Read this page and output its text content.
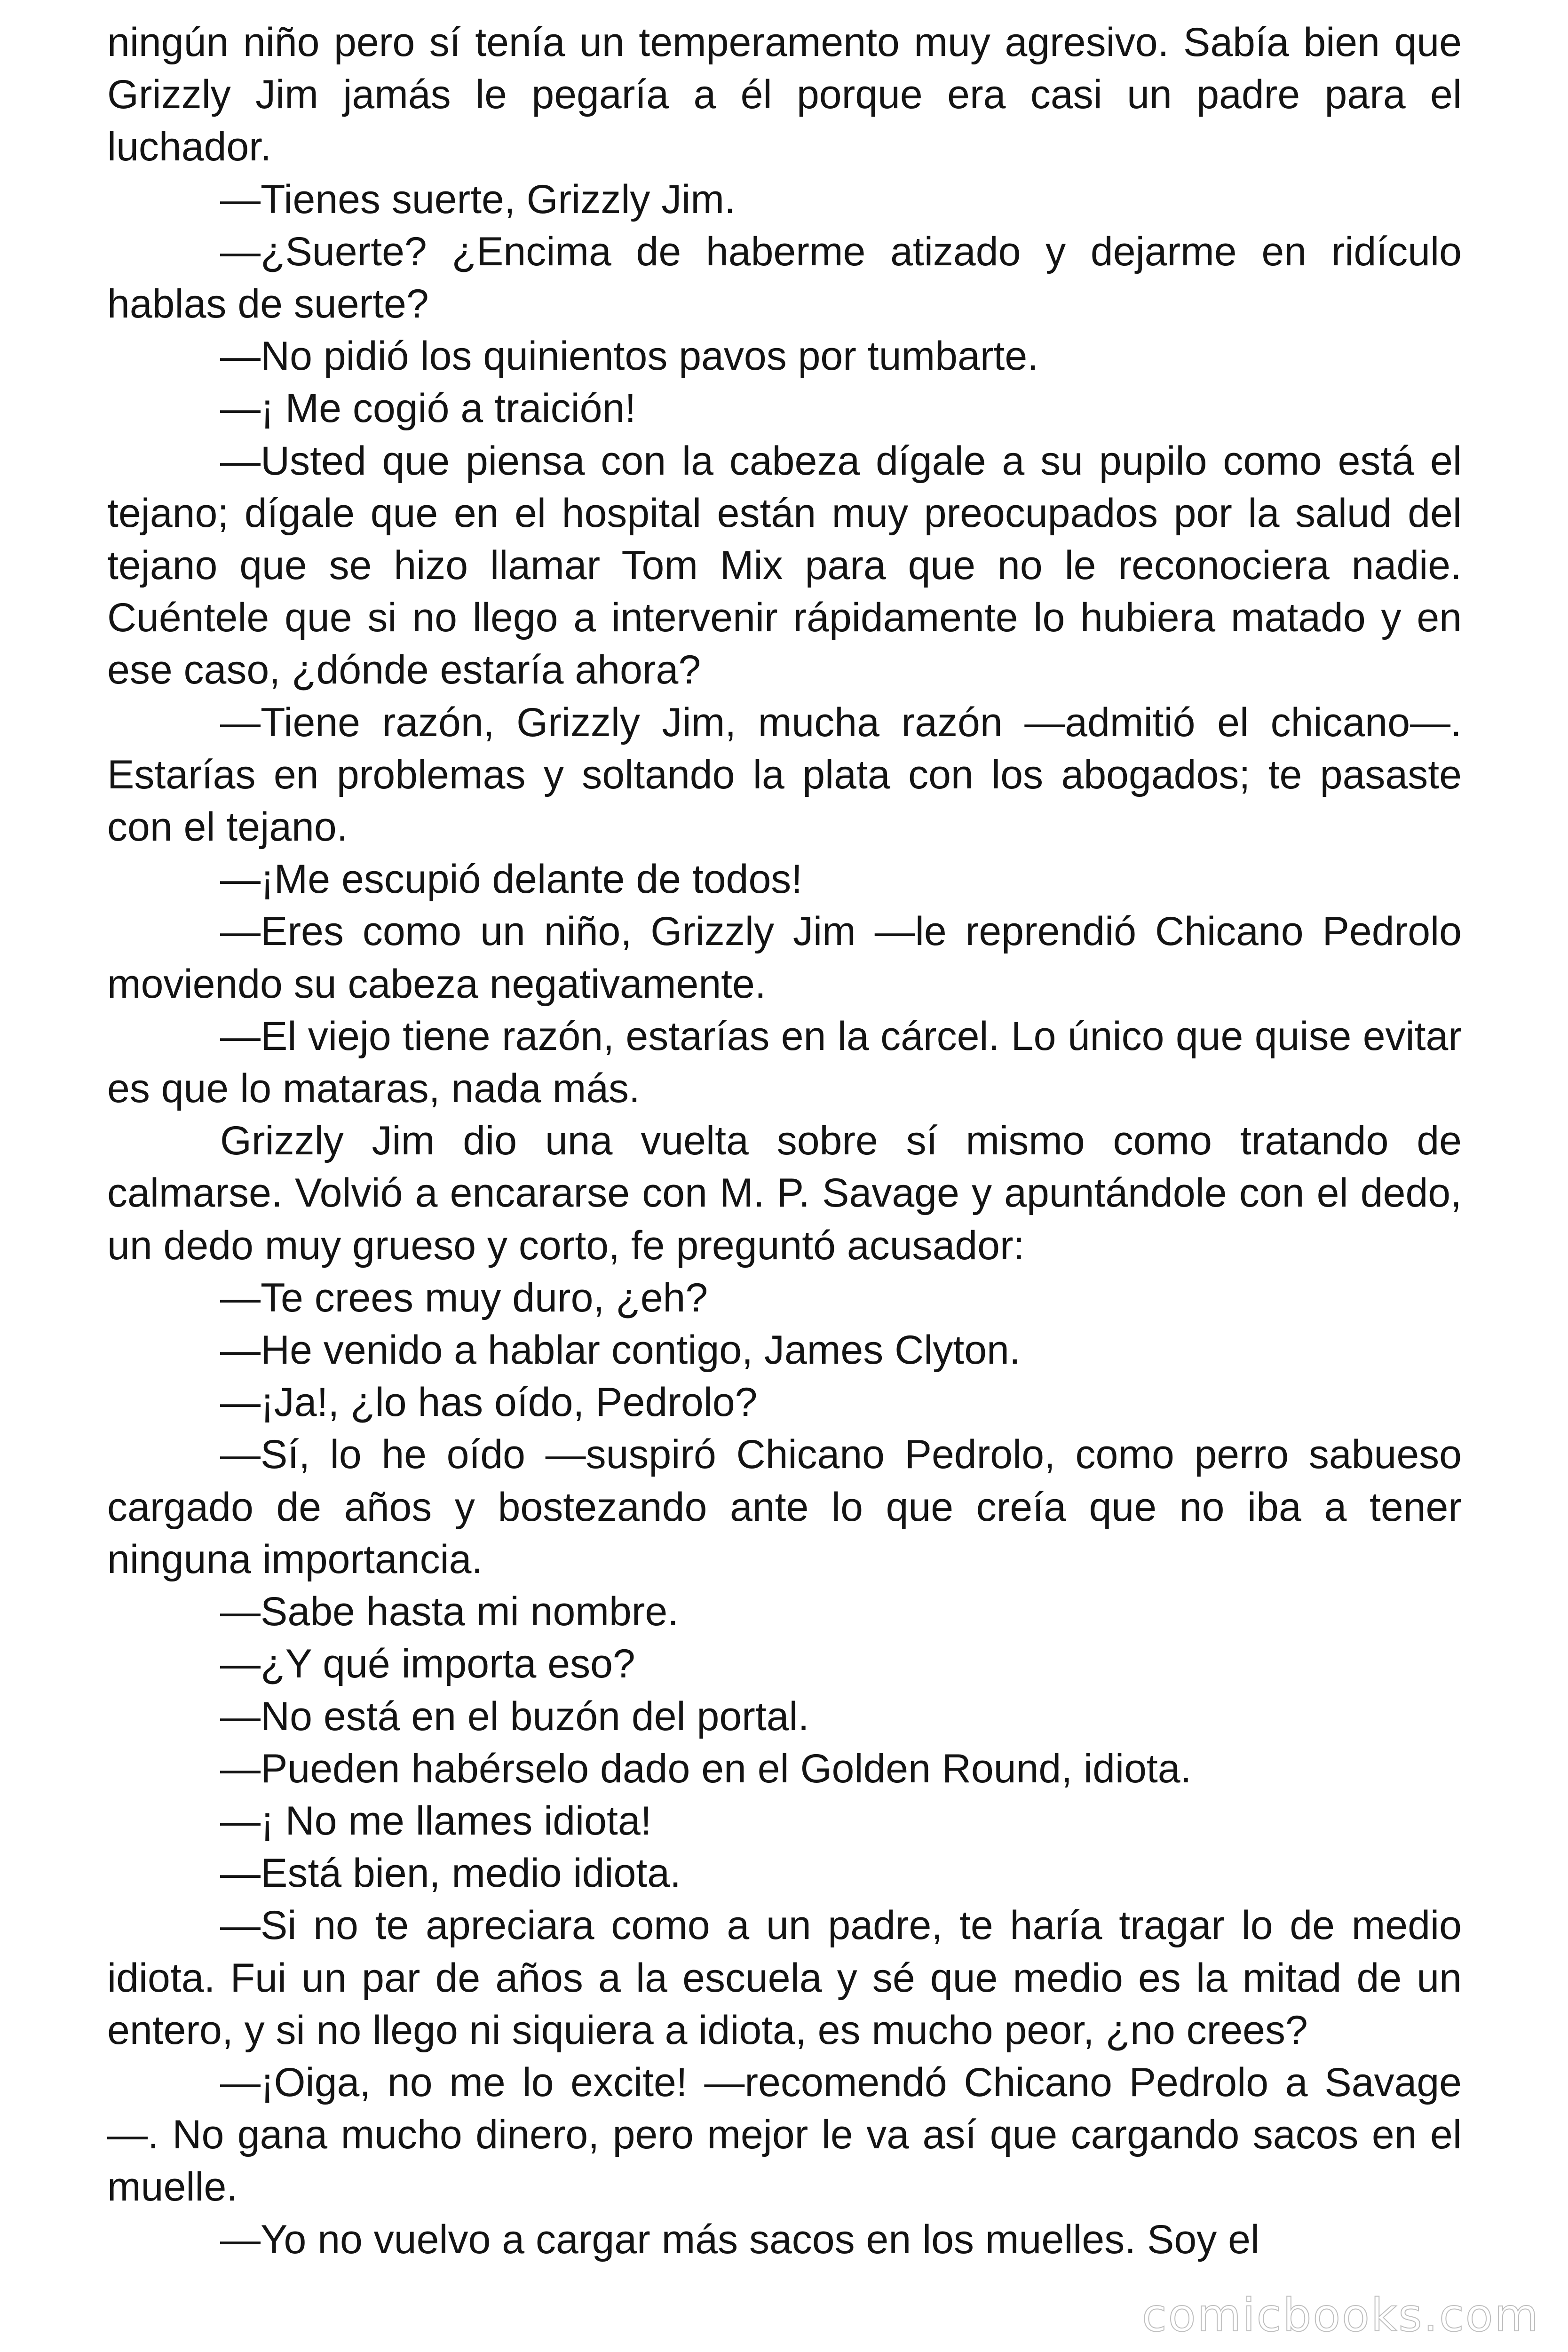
ningún niño pero sí tenía un temperamento muy agresivo. Sabía bien que Grizzly Jim jamás le pegaría a él porque era casi un padre para el luchador.

—Tienes suerte, Grizzly Jim.

—¿Suerte? ¿Encima de haberme atizado y dejarme en ridículo hablas de suerte?

—No pidió los quinientos pavos por tumbarte.

—¡ Me cogió a traición!

—Usted que piensa con la cabeza dígale a su pupilo como está el tejano; dígale que en el hospital están muy preocupados por la salud del tejano que se hizo llamar Tom Mix para que no le reconociera nadie. Cuéntele que si no llego a intervenir rápidamente lo hubiera matado y en ese caso, ¿dónde estaría ahora?

—Tiene razón, Grizzly Jim, mucha razón —admitió el chicano—. Estarías en problemas y soltando la plata con los abogados; te pasaste con el tejano.

—¡Me escupió delante de todos!

—Eres como un niño, Grizzly Jim —le reprendió Chicano Pedrolo moviendo su cabeza negativamente.

—El viejo tiene razón, estarías en la cárcel. Lo único que quise evitar es que lo mataras, nada más.

Grizzly Jim dio una vuelta sobre sí mismo como tratando de calmarse. Volvió a encararse con M. P. Savage y apuntándole con el dedo, un dedo muy grueso y corto, fe preguntó acusador:

—Te crees muy duro, ¿eh?

—He venido a hablar contigo, James Clyton.

—¡Ja!, ¿lo has oído, Pedrolo?

—Sí, lo he oído —suspiró Chicano Pedrolo, como perro sabueso cargado de años y bostezando ante lo que creía que no iba a tener ninguna importancia.

—Sabe hasta mi nombre.

—¿Y qué importa eso?

—No está en el buzón del portal.

—Pueden habérselo dado en el Golden Round, idiota.

—¡ No me llames idiota!

—Está bien, medio idiota.

—Si no te apreciara como a un padre, te haría tragar lo de medio idiota. Fui un par de años a la escuela y sé que medio es la mitad de un entero, y si no llego ni siquiera a idiota, es mucho peor, ¿no crees?

—¡Oiga, no me lo excite! —recomendó Chicano Pedrolo a Savage—. No gana mucho dinero, pero mejor le va así que cargando sacos en el muelle.

—Yo no vuelvo a cargar más sacos en los muelles. Soy el

comicbooks.com
